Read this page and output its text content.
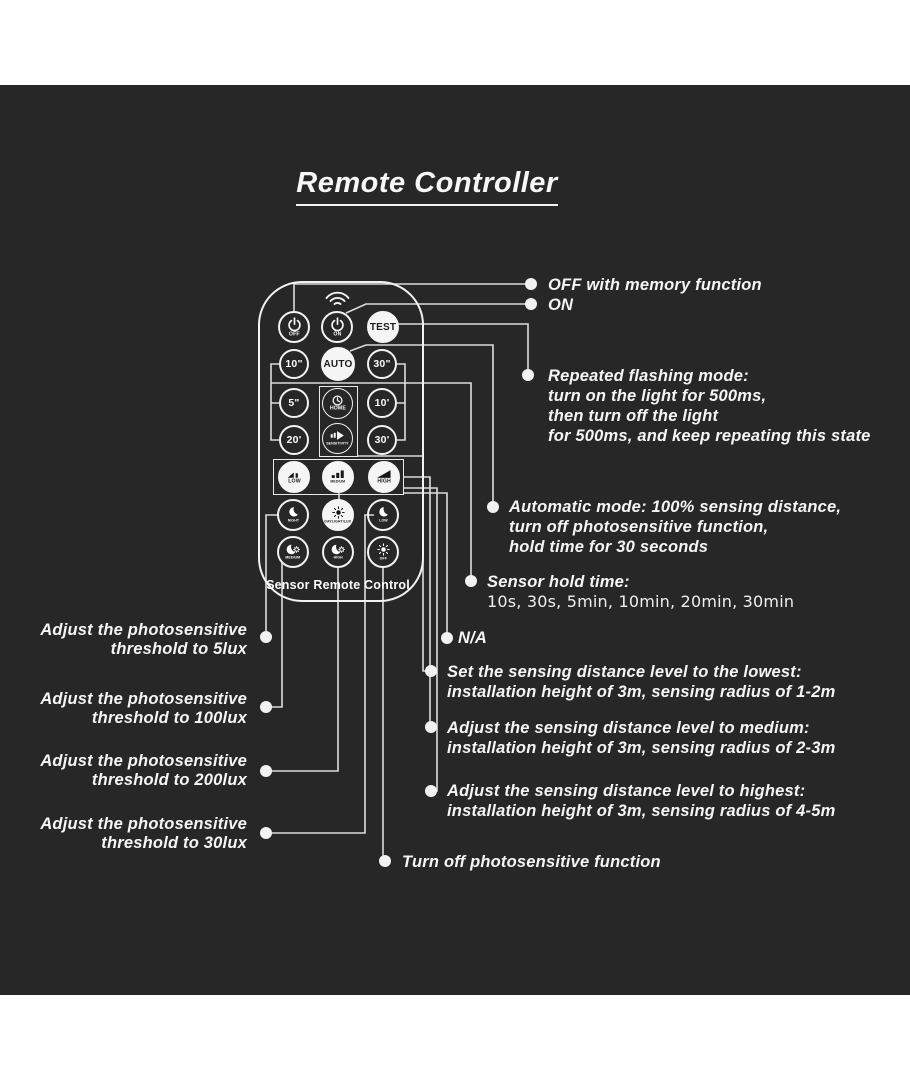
Remote Controller
OFF	ON
TEST
10" AUTO 30"
5"	10'
20'	30'
HOME
SENSITIVITY
LOW	MEDIUM	HIGH
NIGHT	DAYLIGHT/LUX	LOW
MEDIUM	HIGH	OFF
Sensor Remote Control
OFF with memory function
ON
Repeated flashing mode:
turn on the light for 500ms,
then turn off the light
for 500ms, and keep repeating this state
Automatic mode: 100% sensing distance,
turn off photosensitive function,
hold time for 30 seconds
Sensor hold time:
10s, 30s, 5min, 10min, 20min, 30min
N/A
Set the sensing distance level to the lowest:
installation height of 3m, sensing radius of 1-2m
Adjust the sensing distance level to medium:
installation height of 3m, sensing radius of 2-3m
Adjust the sensing distance level to highest:
installation height of 3m, sensing radius of 4-5m
Adjust the photosensitive
threshold to 5lux
Adjust the photosensitive
threshold to 100lux
Adjust the photosensitive
threshold to 200lux
Adjust the photosensitive
threshold to 30lux
Turn off photosensitive function
